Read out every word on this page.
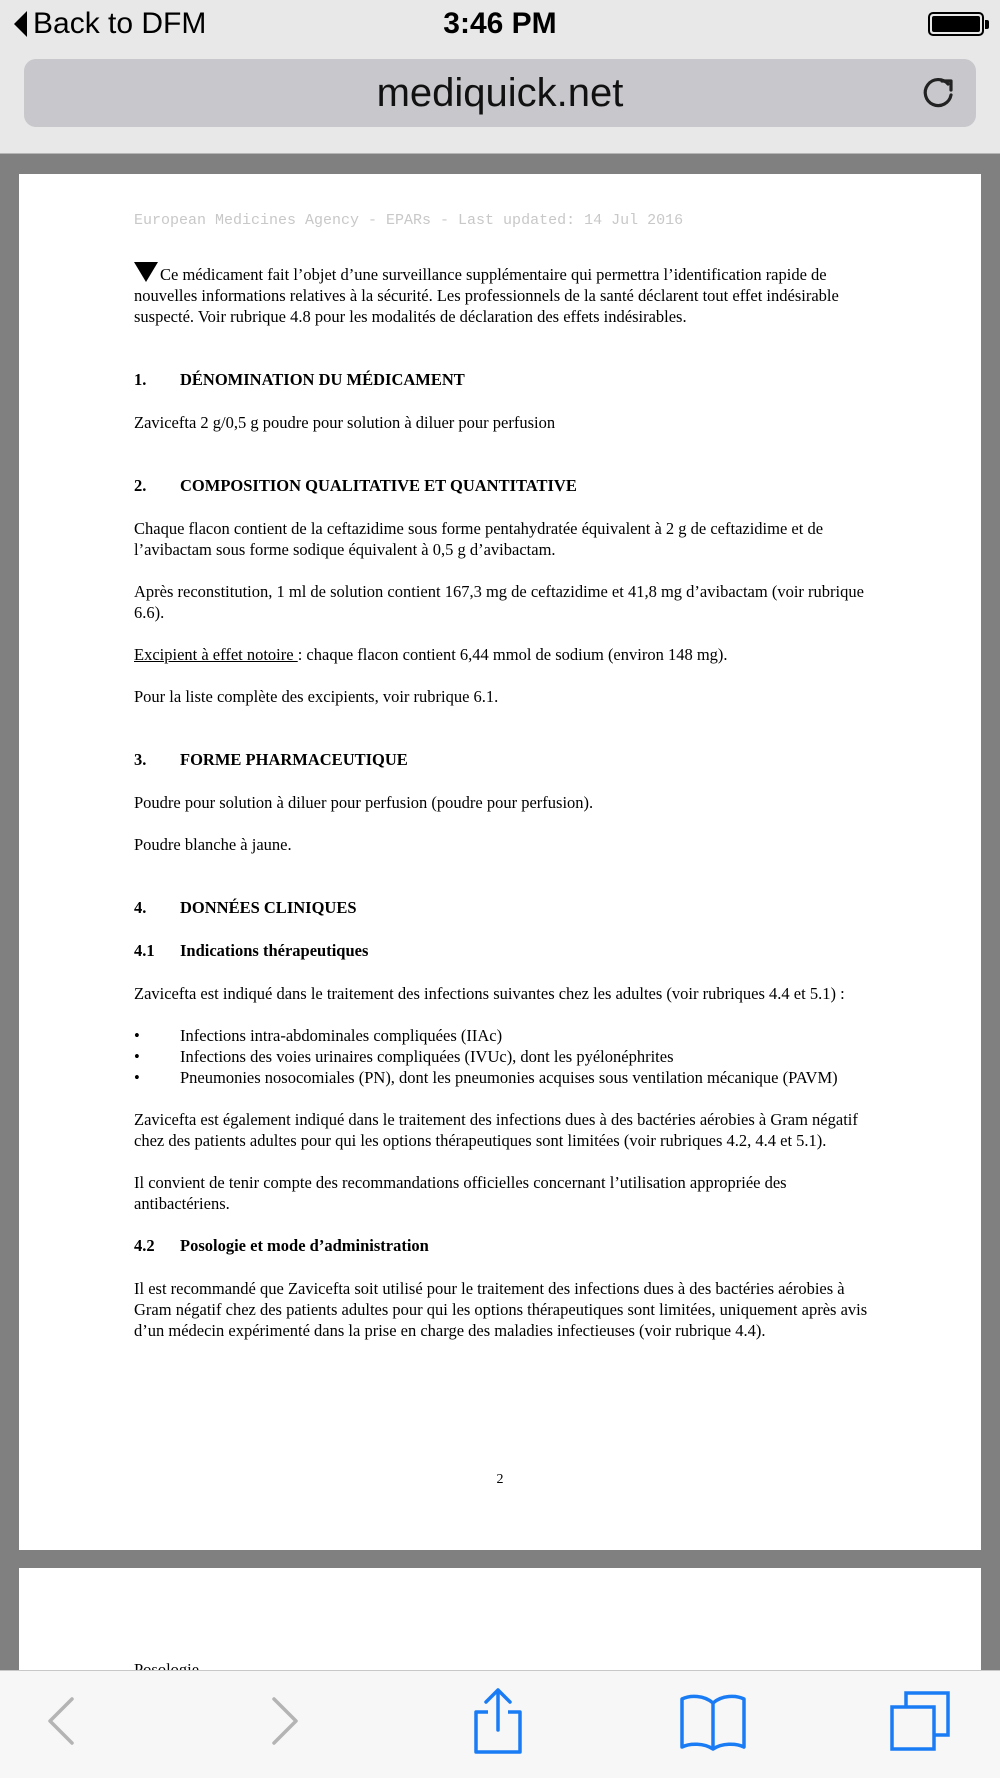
Back to DFM	3:46 PM
mediquick.net
European Medicines Agency - EPARs - Last updated: 14 Jul 2016

Ce médicament fait l’objet d’une surveillance supplémentaire qui permettra l’identification rapide de nouvelles informations relatives à la sécurité. Les professionnels de la santé déclarent tout effet indésirable suspecté. Voir rubrique 4.8 pour les modalités de déclaration des effets indésirables.

1.	DÉNOMINATION DU MÉDICAMENT

Zavicefta 2 g/0,5 g poudre pour solution à diluer pour perfusion

2.	COMPOSITION QUALITATIVE ET QUANTITATIVE

Chaque flacon contient de la ceftazidime sous forme pentahydratée équivalent à 2 g de ceftazidime et de l’avibactam sous forme sodique équivalent à 0,5 g d’avibactam.

Après reconstitution, 1 ml de solution contient 167,3 mg de ceftazidime et 41,8 mg d’avibactam (voir rubrique 6.6).

Excipient à effet notoire : chaque flacon contient 6,44 mmol de sodium (environ 148 mg).

Pour la liste complète des excipients, voir rubrique 6.1.

3.	FORME PHARMACEUTIQUE

Poudre pour solution à diluer pour perfusion (poudre pour perfusion).

Poudre blanche à jaune.

4.	DONNÉES CLINIQUES
4.1	Indications thérapeutiques

Zavicefta est indiqué dans le traitement des infections suivantes chez les adultes (voir rubriques 4.4 et 5.1) :

•	Infections intra-abdominales compliquées (IIAc)
•	Infections des voies urinaires compliquées (IVUc), dont les pyélonéphrites
•	Pneumonies nosocomiales (PN), dont les pneumonies acquises sous ventilation mécanique (PAVM)

Zavicefta est également indiqué dans le traitement des infections dues à des bactéries aérobies à Gram négatif chez des patients adultes pour qui les options thérapeutiques sont limitées (voir rubriques 4.2, 4.4 et 5.1).

Il convient de tenir compte des recommandations officielles concernant l’utilisation appropriée des antibactériens.

4.2	Posologie et mode d’administration

Il est recommandé que Zavicefta soit utilisé pour le traitement des infections dues à des bactéries aérobies à Gram négatif chez des patients adultes pour qui les options thérapeutiques sont limitées, uniquement après avis d’un médecin expérimenté dans la prise en charge des maladies infectieuses (voir rubrique 4.4).

2
